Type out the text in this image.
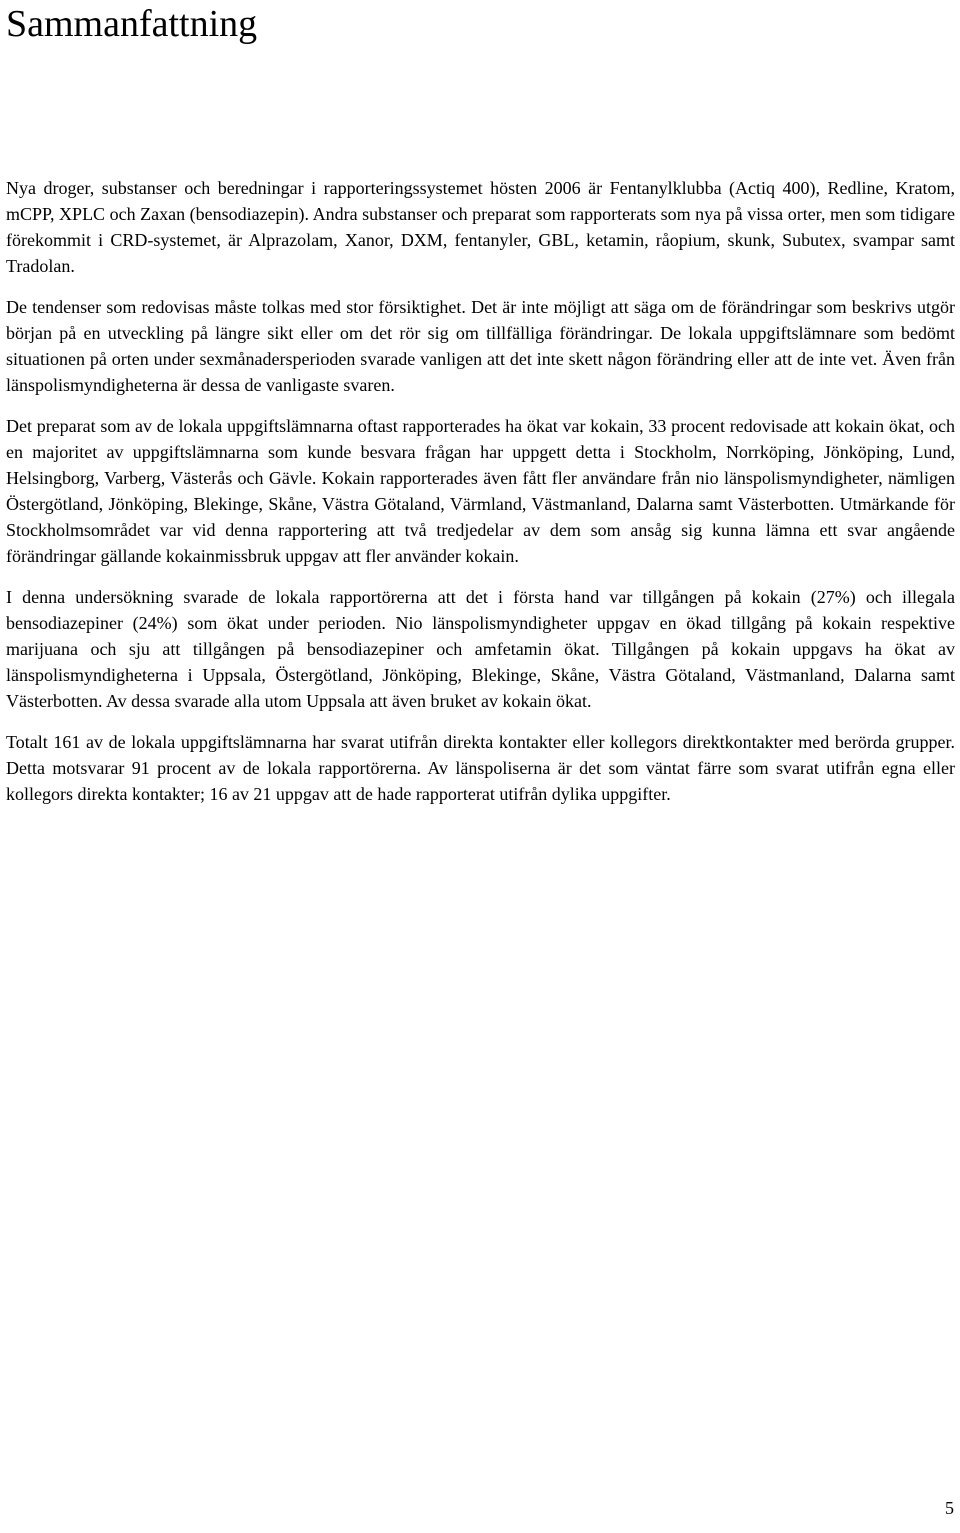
Sammanfattning

Nya droger, substanser och beredningar i rapporteringssystemet hösten 2006 är Fentanylklubba (Actiq 400), Redline, Kratom, mCPP, XPLC och Zaxan (bensodiazepin). Andra substanser och preparat som rapporterats som nya på vissa orter, men som tidigare förekommit i CRD-systemet, är Alprazolam, Xanor, DXM, fentanyler, GBL, ketamin, råopium, skunk, Subutex, svampar samt Tradolan.

De tendenser som redovisas måste tolkas med stor försiktighet. Det är inte möjligt att säga om de förändringar som beskrivs utgör början på en utveckling på längre sikt eller om det rör sig om tillfälliga förändringar. De lokala uppgiftslämnare som bedömt situationen på orten under sexmånadersperioden svarade vanligen att det inte skett någon förändring eller att de inte vet. Även från länspolismyndigheterna är dessa de vanligaste svaren.

Det preparat som av de lokala uppgiftslämnarna oftast rapporterades ha ökat var kokain, 33 procent redovisade att kokain ökat, och en majoritet av uppgiftslämnarna som kunde besvara frågan har uppgett detta i Stockholm, Norrköping, Jönköping, Lund, Helsingborg, Varberg, Västerås och Gävle. Kokain rapporterades även fått fler användare från nio länspolismyndigheter, nämligen Östergötland, Jönköping, Blekinge, Skåne, Västra Götaland, Värmland, Västmanland, Dalarna samt Västerbotten. Utmärkande för Stockholmsområdet var vid denna rapportering att två tredjedelar av dem som ansåg sig kunna lämna ett svar angående förändringar gällande kokainmissbruk uppgav att fler använder kokain.

I denna undersökning svarade de lokala rapportörerna att det i första hand var tillgången på kokain (27%) och illegala bensodiazepiner (24%) som ökat under perioden. Nio länspolismyndigheter uppgav en ökad tillgång på kokain respektive marijuana och sju att tillgången på bensodiazepiner och amfetamin ökat. Tillgången på kokain uppgavs ha ökat av länspolismyndigheterna i Uppsala, Östergötland, Jönköping, Blekinge, Skåne, Västra Götaland, Västmanland, Dalarna samt Västerbotten. Av dessa svarade alla utom Uppsala att även bruket av kokain ökat.

Totalt 161 av de lokala uppgiftslämnarna har svarat utifrån direkta kontakter eller kollegors direktkontakter med berörda grupper. Detta motsvarar 91 procent av de lokala rapportörerna. Av länspoliserna är det som väntat färre som svarat utifrån egna eller kollegors direkta kontakter; 16 av 21 uppgav att de hade rapporterat utifrån dylika uppgifter.

5
